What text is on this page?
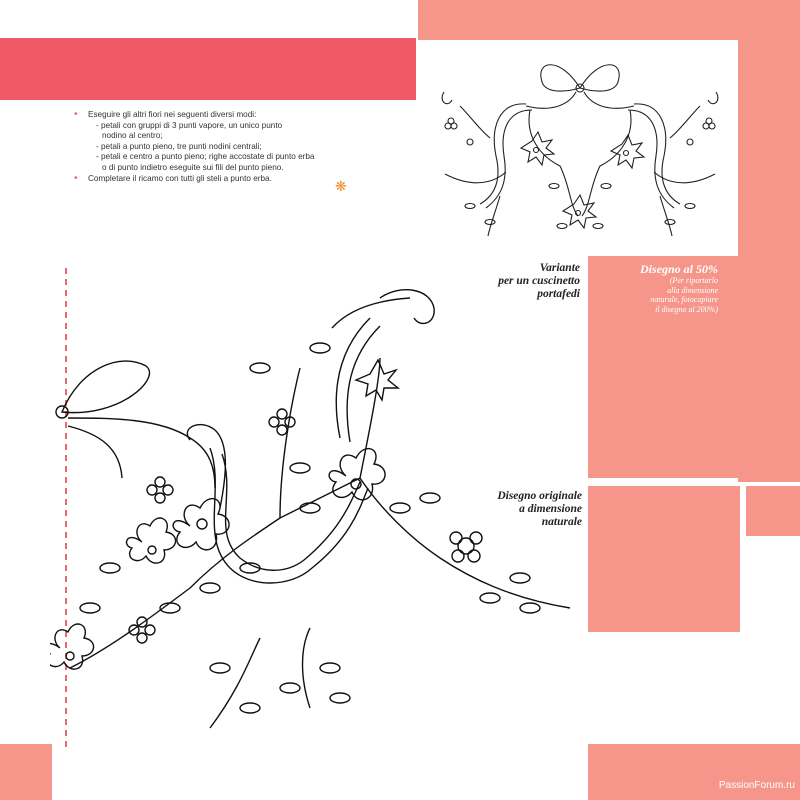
• Eseguire gli altri fiori nei seguenti diversi modi:
- petali con gruppi di 3 punti vapore, un unico punto
nodino al centro;
- petali a punto pieno, tre punti nodini centrali;
- petali e centro a punto pieno; righe accostate di punto erba
o di punto indietro eseguite sui fili del punto pieno.
• Completare il ricamo con tutti gli steli a punto erba.	❋
Variante
per un cuscinetto
portafedi
Disegno originale
a dimensione
naturale
Disegno al 50%
(Per riportarlo
alla dimensione
naturale, fotocopiare
il disegno al 200%)
PassionForum.ru
